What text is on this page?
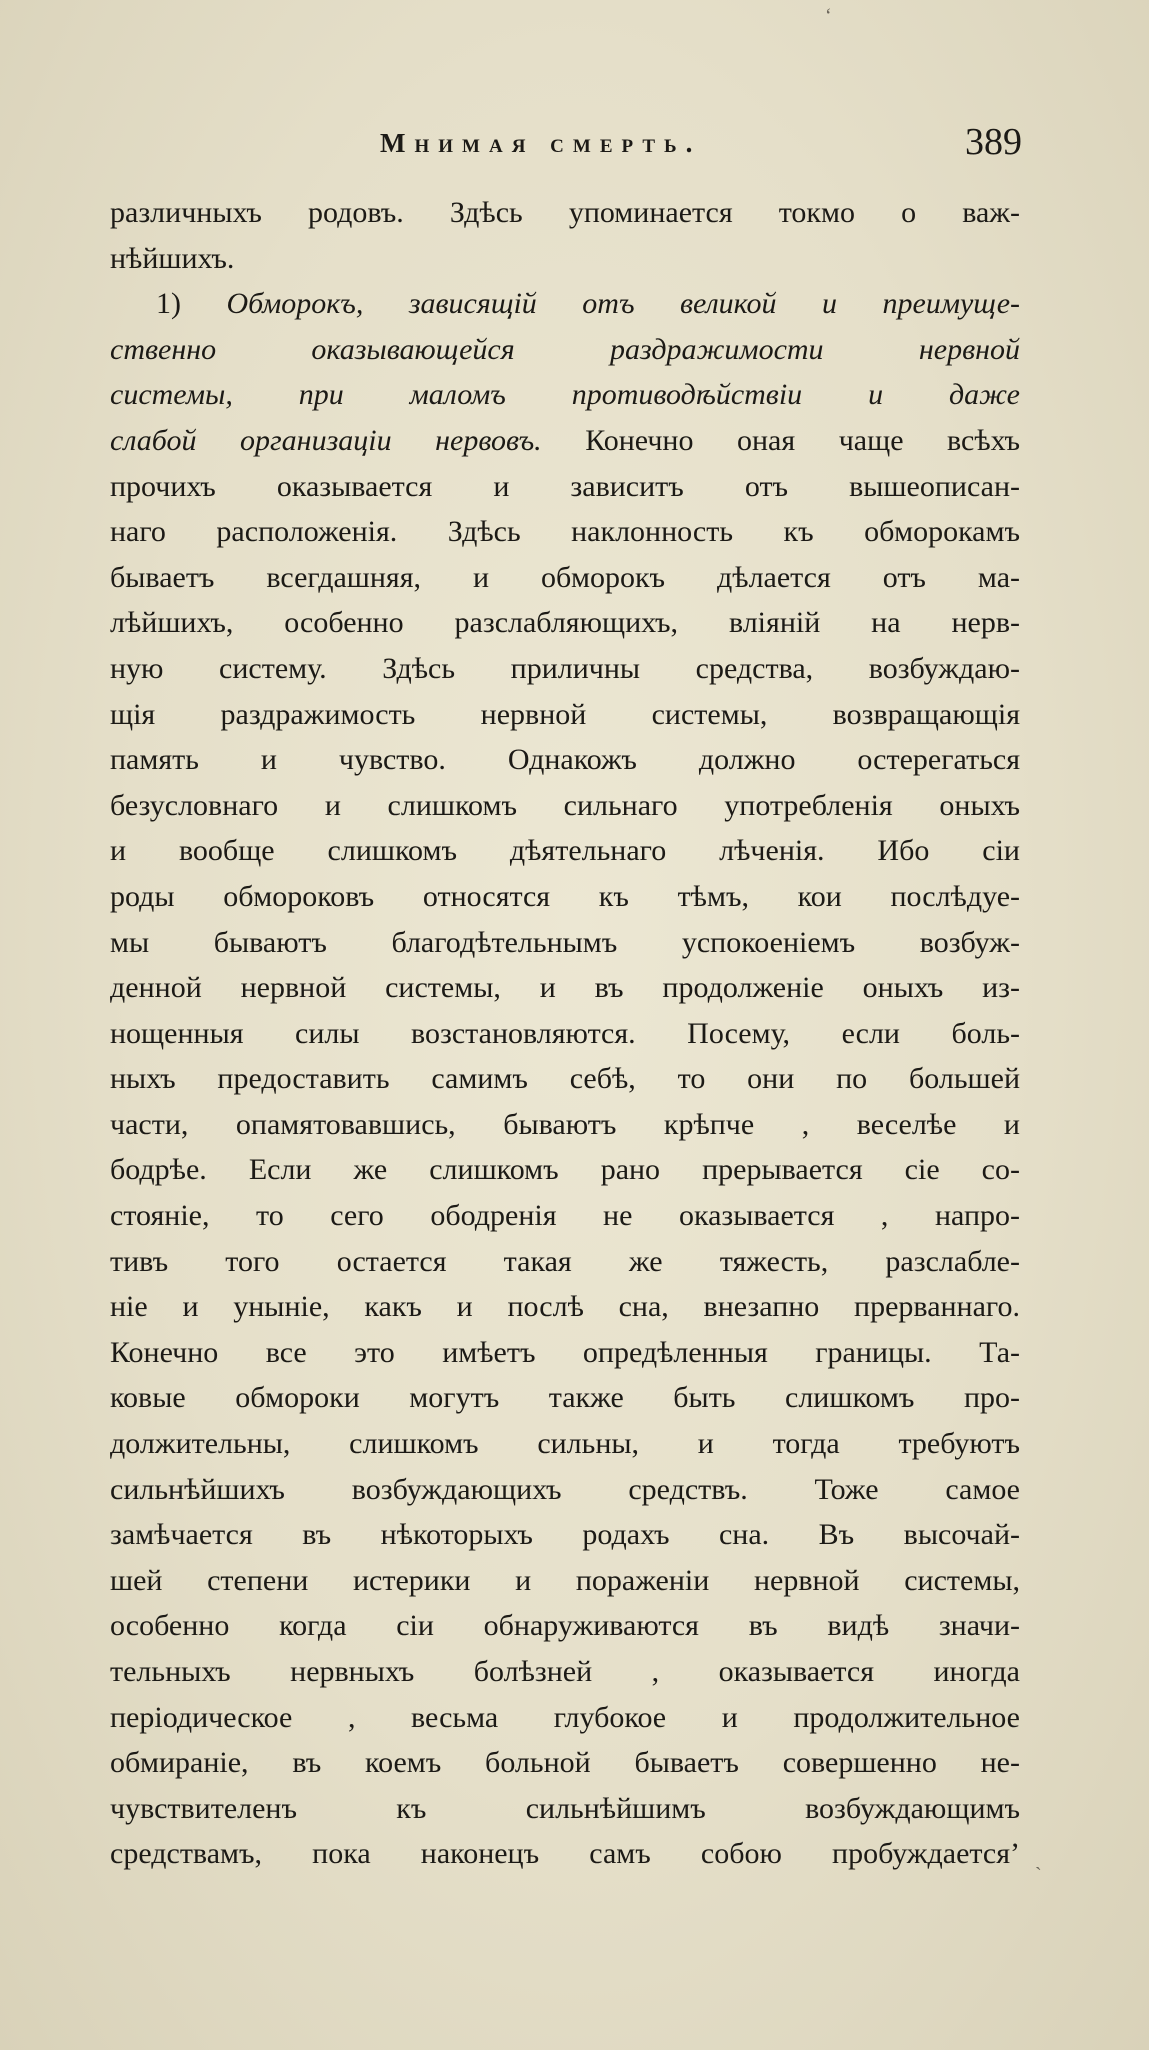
Мнимая смерть.	389
различныхъ родовъ. Здѣсь упоминается токмо о важ-
нѣйшихъ.
1) Обморокъ, зависящій отъ великой и преимуще-
ственно оказывающейся раздражимости нервной
системы, при маломъ противодѣйствіи и даже
слабой организаціи нервовъ. Конечно оная чаще всѣхъ
прочихъ оказывается и зависитъ отъ вышеописан-
наго расположенія. Здѣсь наклонность къ обморокамъ
бываетъ всегдашняя, и обморокъ дѣлается отъ ма-
лѣйшихъ, особенно разслабляющихъ, вліяній на нерв-
ную систему. Здѣсь приличны средства, возбуждаю-
щія раздражимость нервной системы, возвращающія
память и чувство. Однакожъ должно остерегаться
безусловнаго и слишкомъ сильнаго употребленія оныхъ
и вообще слишкомъ дѣятельнаго лѣченія. Ибо сіи
роды обмороковъ относятся къ тѣмъ, кои послѣдуе-
мы бываютъ благодѣтельнымъ успокоеніемъ возбуж-
денной нервной системы, и въ продолженіе оныхъ из-
нощенныя силы возстановляются. Посему, если боль-
ныхъ предоставить самимъ себѣ, то они по большей
части, опамятовавшись, бываютъ крѣпче , веселѣе и
бодрѣе. Если же слишкомъ рано прерывается сіе со-
стояніе, то сего ободренія не оказывается , напро-
тивъ того остается такая же тяжесть, разслабле-
ніе и уныніе, какъ и послѣ сна, внезапно прерваннаго.
Конечно все это имѣетъ опредѣленныя границы. Та-
ковые обмороки могутъ также быть слишкомъ про-
должительны, слишкомъ сильны, и тогда требуютъ
сильнѣйшихъ возбуждающихъ средствъ. Тоже самое
замѣчается въ нѣкоторыхъ родахъ сна. Въ высочай-
шей степени истерики и пораженіи нервной системы,
особенно когда сіи обнаруживаются въ видѣ значи-
тельныхъ нервныхъ болѣзней , оказывается иногда
періодическое , весьма глубокое и продолжительное
обмираніе, въ коемъ больной бываетъ совершенно не-
чувствителенъ къ сильнѣйшимъ возбуждающимъ
средствамъ, пока наконецъ самъ собою пробуждается’
‘
˴
